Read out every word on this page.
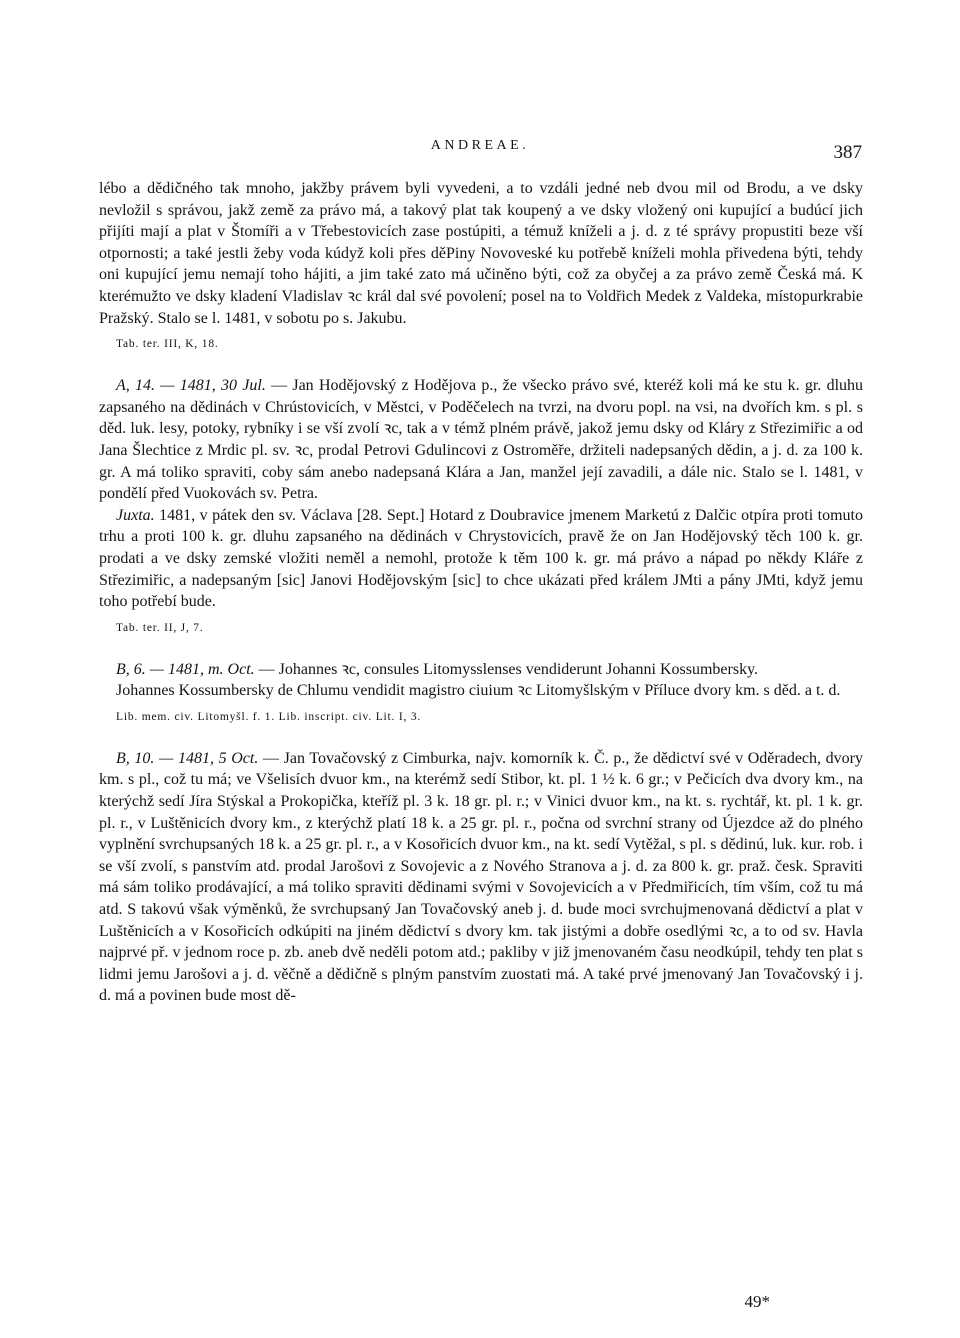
ANDREAE.	387

lébo a dědičného tak mnoho, jakžby právem byli vyvedeni, a to vzdáli jedné neb dvou mil od Brodu, a ve dsky nevložil s správou, jakž země za právo má, a takový plat tak koupený a ve dsky vložený oni kupující a budúcí jich přijíti mají a plat v Štomíři a v Třebestovicích zase postúpiti, a témuž kníželi a j. d. z té správy propustiti beze vší otpornosti; a také jestli žeby voda kúdyž koli přes děPiny Novoveské ku potřebě kníželi mohla přivedena býti, tehdy oni kupující jemu nemají toho hájiti, a jim také zato má učiněno býti, což za obyčej a za právo země Česká má. K kterémužto ve dsky kladení Vladislav ꝛc král dal své povolení; posel na to Voldřich Medek z Valdeka, místopurkrabie Pražský. Stalo se l. 1481, v sobotu po s. Jakubu.

Tab. ter. III, K, 18.

A, 14. — 1481, 30 Jul. — Jan Hodějovský z Hodějova p., že všecko právo své, kteréž koli má ke stu k. gr. dluhu zapsaného na dědinách v Chrústovicích, v Městci, v Poděčelech na tvrzi, na dvoru popl. na vsi, na dvořích km. s pl. s děd. luk. lesy, potoky, rybníky i se vší zvolí ꝛc, tak a v témž plném právě, jakož jemu dsky od Kláry z Střezimiřic a od Jana Šlechtice z Mrdic pl. sv. ꝛc, prodal Petrovi Gdulincovi z Ostroměře, držiteli nadepsaných dědin, a j. d. za 100 k. gr. A má toliko spraviti, coby sám anebo nadepsaná Klára a Jan, manžel její zavadili, a dále nic. Stalo se l. 1481, v pondělí před Vuokovách sv. Petra.

Juxta. 1481, v pátek den sv. Václava [28. Sept.] Hotard z Doubravice jmenem Marketú z Dalčic otpíra proti tomuto trhu a proti 100 k. gr. dluhu zapsaného na dědinách v Chrystovicích, pravě že on Jan Hodějovský těch 100 k. gr. prodati a ve dsky zemské vložiti neměl a nemohl, protože k těm 100 k. gr. má právo a nápad po někdy Kláře z Střezimiřic, a nadepsaným [sic] Janovi Hodějovským [sic] to chce ukázati před králem JMti a pány JMti, když jemu toho potřebí bude.

Tab. ter. II, J, 7.

B, 6. — 1481, m. Oct. — Johannes ꝛc, consules Litomysslenses vendiderunt Johanni Kossumbersky.

Johannes Kossumbersky de Chlumu vendidit magistro ciuium ꝛc Litomyšlským v Příluce dvory km. s děd. a t. d.

Lib. mem. civ. Litomyšl. f. 1. Lib. inscript. civ. Lit. I, 3.

B, 10. — 1481, 5 Oct. — Jan Tovačovský z Cimburka, najv. komorník k. Č. p., že dědictví své v Oděradech, dvory km. s pl., což tu má; ve Všelisích dvuor km., na kterémž sedí Stibor, kt. pl. 1 ½ k. 6 gr.; v Pečicích dva dvory km., na kterýchž sedí Jíra Stýskal a Prokopička, kteříž pl. 3 k. 18 gr. pl. r.; v Vinici dvuor km., na kt. s. rychtář, kt. pl. 1 k. gr. pl. r., v Luštěnicích dvory km., z kterýchž platí 18 k. a 25 gr. pl. r., počna od svrchní strany od Újezdce až do plného vyplnění svrchupsaných 18 k. a 25 gr. pl. r., a v Kosořicích dvuor km., na kt. sedí Vytěžal, s pl. s dědinú, luk. kur. rob. i se vší zvolí, s panstvím atd. prodal Jarošovi z Sovojevic a z Nového Stranova a j. d. za 800 k. gr. praž. česk. Spraviti má sám toliko prodávající, a má toliko spraviti dědinami svými v Sovojevicích a v Předmiřicích, tím vším, což tu má atd. S takovú však výměnků, že svrchupsaný Jan Tovačovský aneb j. d. bude moci svrchujmenovaná dědictví a plat v Luštěnicích a v Kosořicích odkúpiti na jiném dědictví s dvory km. tak jistými a dobře osedlými ꝛc, a to od sv. Havla najprvé př. v jednom roce p. zb. aneb dvě neděli potom atd.; pakliby v již jmenovaném času neodkúpil, tehdy ten plat s lidmi jemu Jarošovi a j. d. věčně a dědičně s plným panstvím zuostati má. A také prvé jmenovaný Jan Tovačovský i j. d. má a povinen bude most dě-

49*
